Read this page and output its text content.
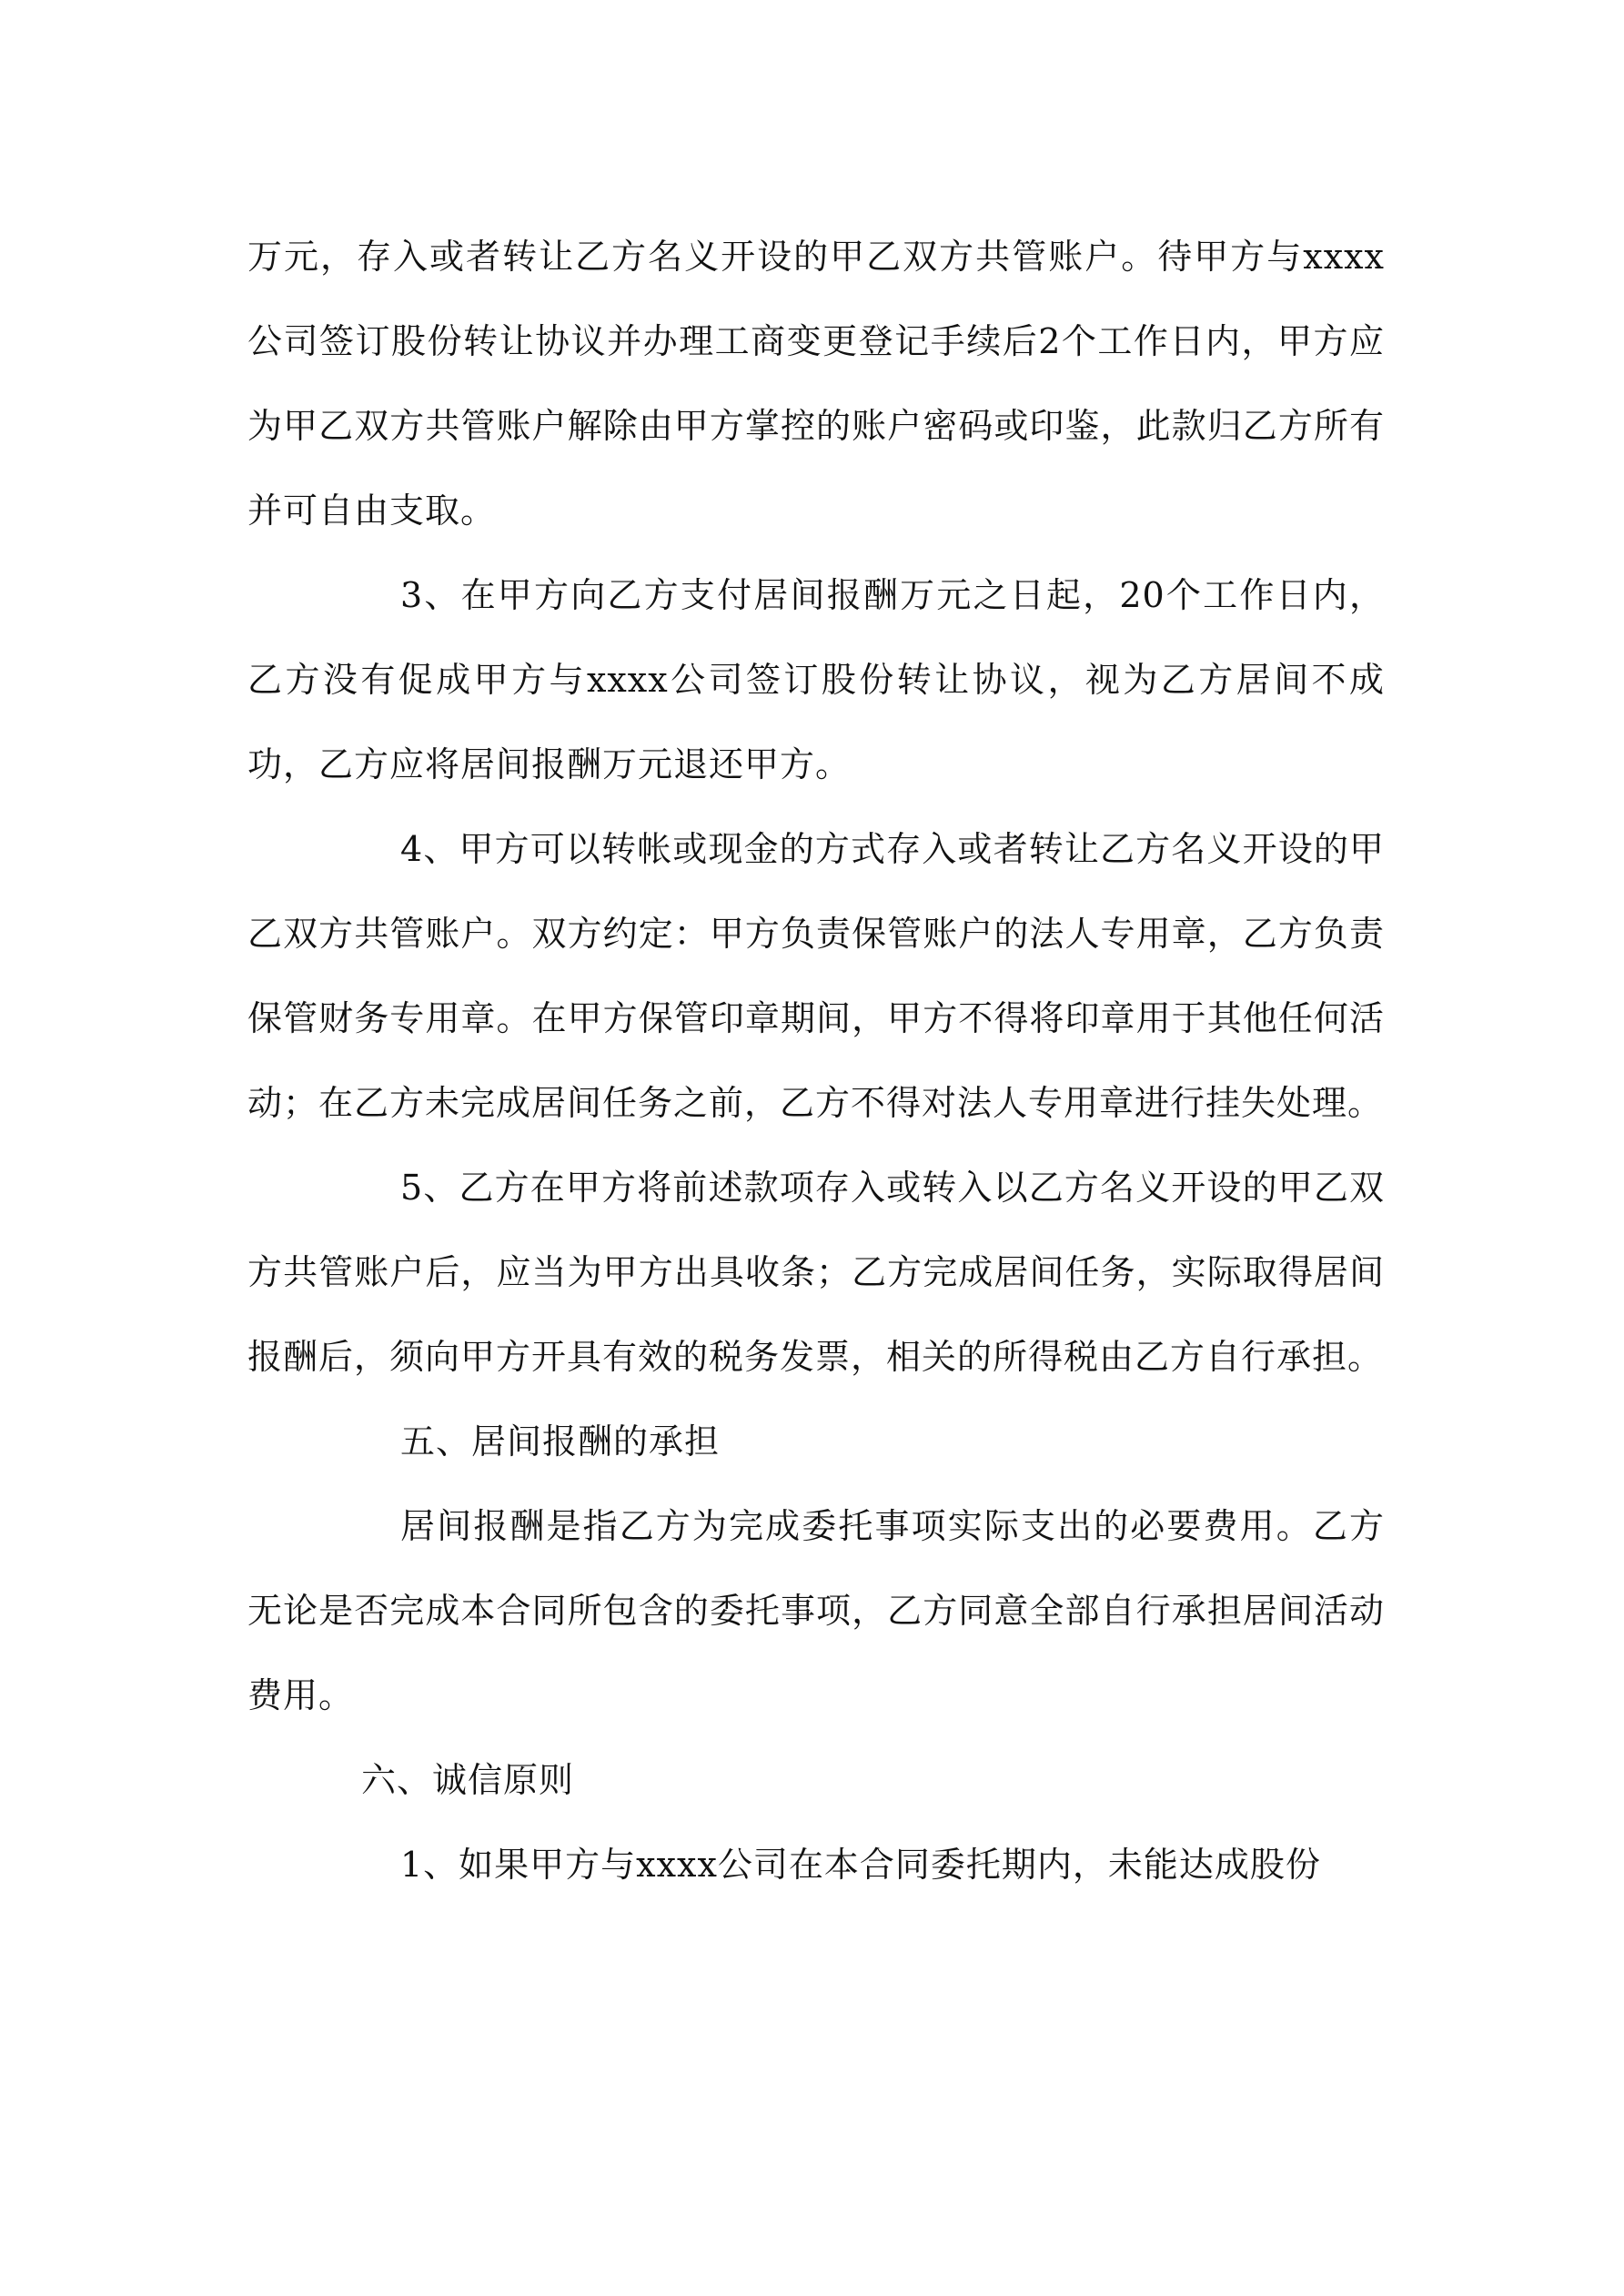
万元，存入或者转让乙方名义开设的甲乙双方共管账户。待甲方与xxxx公司签订股份转让协议并办理工商变更登记手续后2个工作日内，甲方应为甲乙双方共管账户解除由甲方掌控的账户密码或印鉴，此款归乙方所有并可自由支取。

3、在甲方向乙方支付居间报酬万元之日起，20个工作日内，乙方没有促成甲方与xxxx公司签订股份转让协议，视为乙方居间不成功，乙方应将居间报酬万元退还甲方。

4、甲方可以转帐或现金的方式存入或者转让乙方名义开设的甲乙双方共管账户。双方约定：甲方负责保管账户的法人专用章，乙方负责保管财务专用章。在甲方保管印章期间，甲方不得将印章用于其他任何活动；在乙方未完成居间任务之前，乙方不得对法人专用章进行挂失处理。

5、乙方在甲方将前述款项存入或转入以乙方名义开设的甲乙双方共管账户后，应当为甲方出具收条；乙方完成居间任务，实际取得居间报酬后，须向甲方开具有效的税务发票，相关的所得税由乙方自行承担。

五、居间报酬的承担

居间报酬是指乙方为完成委托事项实际支出的必要费用。乙方无论是否完成本合同所包含的委托事项，乙方同意全部自行承担居间活动费用。

六、诚信原则

1、如果甲方与xxxx公司在本合同委托期内，未能达成股份
